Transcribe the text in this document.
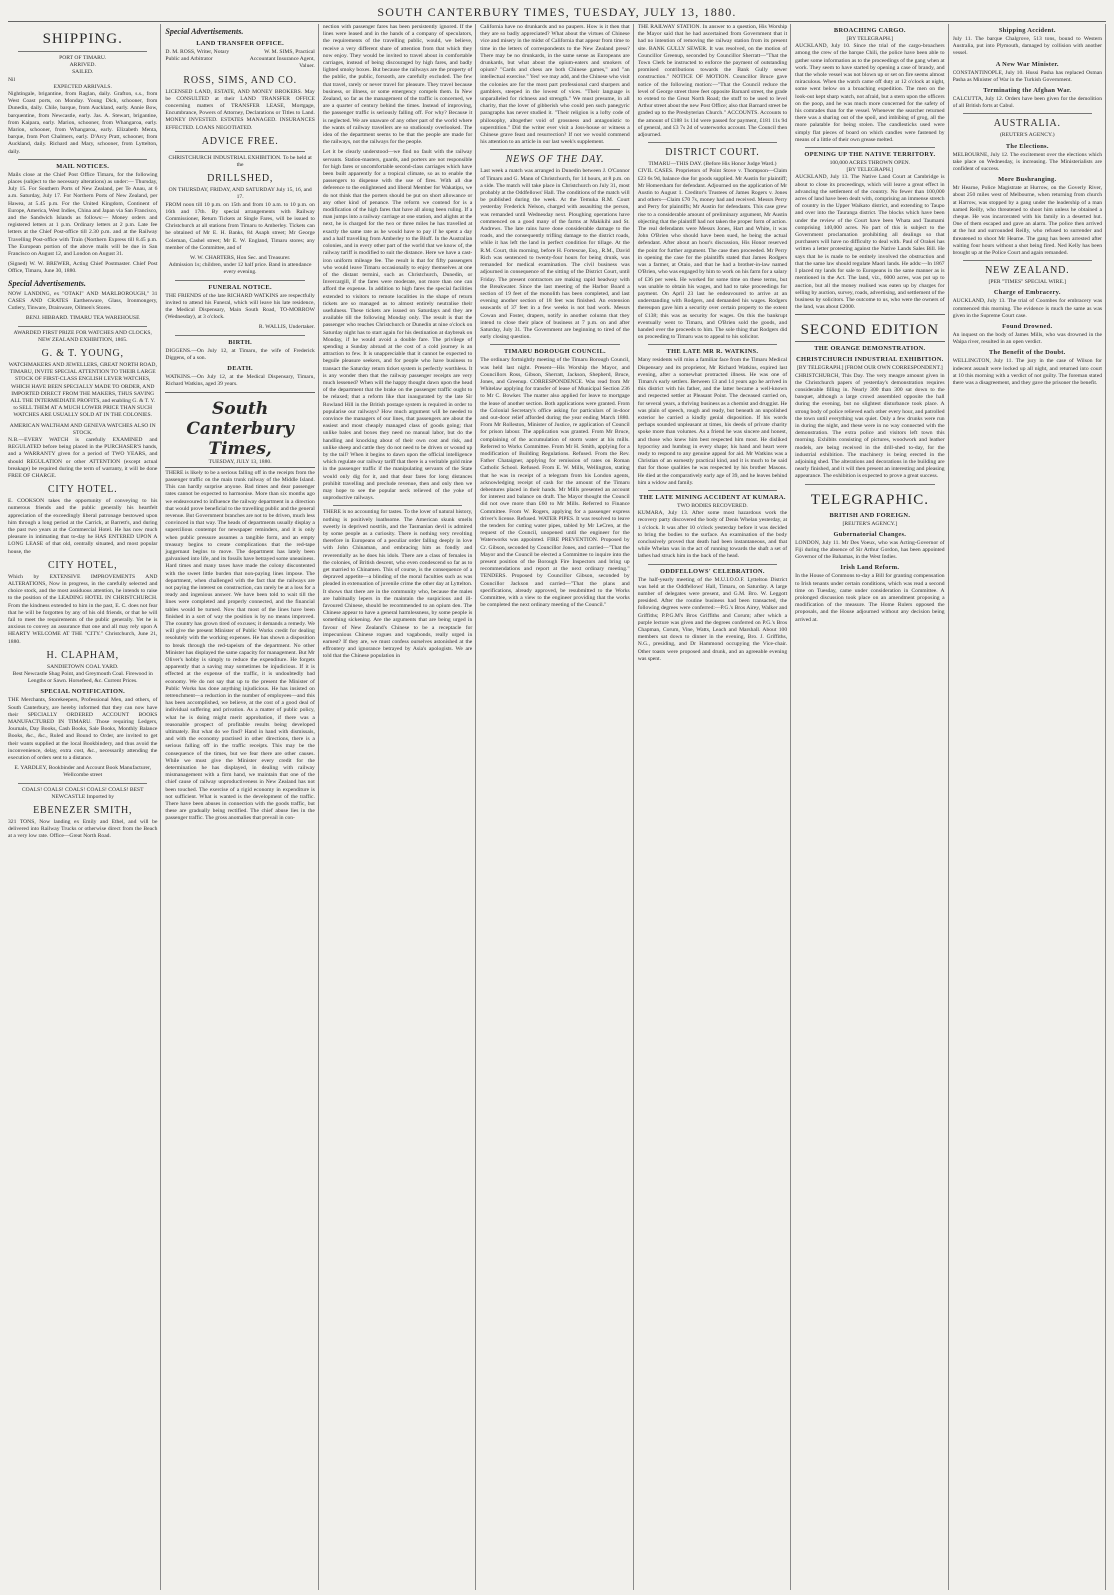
SOUTH CANTERBURY TIMES, TUESDAY, JULY 13, 1880.
SHIPPING.
PORT OF TIMARU.
ARRIVED.
SAILED.
Nil
EXPECTED ARRIVALS.

Nightingale, brigantine, from Raglan, daily. Grafton, s.s., from West Coast ports, on Monday. Young Dick, schooner, from Dunedin, daily. Chile, barque, from Auckland, early. Annie Bow, barquentine, from Newcastle, early. Jas. A. Stewart, brigantine, from Kaipara, early. Marion, schooner, from Whangaroa, early. Marion, schooner, from Whangaroa, early. Elizabeth Menta, barque, from Port Chalmers, early. D'Arcy Pratt, schooner, from Auckland, daily. Richard and Mary, schooner, from Lyttelton, daily.

MAIL NOTICES.

Mails close at the Chief Post Office Timaru, for the following places (subject to the necessary alterations) as under:— Thursday, July 15. For Southern Ports of New Zealand, per Te Anau, at 6 a.m. Saturday, July 17. For Northern Ports of New Zealand, per Hawea, at 5.45 p.m. For the United Kingdom, Continent of Europe, America, West Indies, China and Japan via San Francisco, and the Sandwich Islands as follows:— Money orders and registered letters at 1 p.m. Ordinary letters at 2 p.m. Late fee letters at the Chief Post-office till 2.30 p.m. and at the Railway Travelling Post-office with Train (Northern Express till 8.45 p.m. The European portion of the above mails will be due in San Francisco on August 12, and London on August 31.

(Signed) W. W. BREWER, Acting Chief Postmaster. Chief Post Office, Timaru, June 30, 1880.

Special Advertisements.

NOW LANDING, ex "OTAKI" AND MARLBOROUGH," 31 CASES AND CRATES Earthenware, Glass, Ironmongery, Cutlery, Tinware, Drainware, Oilmen's Stores.

BENJ. HIBBARD. TIMARU TEA WAREHOUSE
AWARDED FIRST PRIZE FOR WATCHES AND CLOCKS, NEW ZEALAND EXHIBITION, 1865.
G. & T. YOUNG,

WATCHMAKERS AND JEWELLERS, GREAT NORTH ROAD, TIMARU, INVITE SPECIAL ATTENTION TO THEIR LARGE STOCK OF FIRST-CLASS ENGLISH LEVER WATCHES, WHICH HAVE BEEN SPECIALLY MADE TO ORDER, AND IMPORTED DIRECT FROM THE MAKERS, THUS SAVING ALL THE INTERMEDIATE PROFITS, and enabling G. & T. Y. to SELL THEM AT A MUCH LOWER PRICE THAN SUCH WATCHES ARE USUALLY SOLD AT IN THE COLONIES.

AMERICAN WALTHAM AND GENEVA WATCHES ALSO IN STOCK.

N.B.—EVERY WATCH is carefully EXAMINED and REGULATED before being placed in the PURCHASER'S hands, and a WARRANTY given for a period of TWO YEARS, and should REGULATION or other ATTENTION (except actual breakage) be required during the term of warranty, it will be done FREE OF CHARGE.

CITY HOTEL.

E. COOKSON takes the opportunity of conveying to his numerous friends and the public generally his heartfelt appreciation of the exceedingly liberal patronage bestowed upon him through a long period at the Carrick, at Barrett's, and during the past two years at the Commercial Hotel. He has now much pleasure in intimating that to-day he HAS ENTERED UPON A LONG LEASE of that old, centrally situated, and most popular house, the

CITY HOTEL,

Which by EXTENSIVE IMPROVEMENTS AND ALTERATIONS, Now in progress, in the carefully selected and choice stock, and the most assiduous attention, he intends to raise to the position of the LEADING HOTEL IN CHRISTCHURCH. From the kindness extended to him in the past, E. C. does not fear that he will be forgotten by any of his old friends, or that he will fail to meet the requirements of the public generally. Yet he is anxious to convey an assurance that one and all may rely upon A HEARTY WELCOME AT THE "CITY." Christchurch, June 21, 1880.

H. CLAPHAM,
SANDIETOWN COAL YARD.

Best Newcastle Shag Point, and Greymouth Coal. Firewood in Lengths or Sawn. Horsefeed, &c. Current Prices.

SPECIAL NOTIFICATION.

THE Merchants, Storekeepers, Professional Men, and others, of South Canterbury, are hereby informed that they can now have their SPECIALLY ORDERED ACCOUNT BOOKS MANUFACTURED IN TIMARU. Those requiring Ledgers, Journals, Day Books, Cash Books, Sale Books, Monthly Balance Books, &c., &c., Ruled and Bound to Order, are invited to get their wants supplied at the local Bookbindery, and thus avoid the inconvenience, delay, extra cost, &c., necessarily attending the execution of orders sent to a distance.

E. YARDLEY, Bookbinder and Account Book Manufacturer, Wellcombe street
COALS! COALS! COALS! COALS! COALS! BEST NEWCASTLE Imported by
EBENEZER SMITH,

321 TONS, Now landing ex Emily and Ethel, and will be delivered into Railway Trucks or otherwise direct from the Beach at a very low rate. Office—Great North Road.

Special Advertisements.
LAND TRANSFER OFFICE.
D. M. ROSS, Writer, Notary Public and Arbitrator
W. M. SIMS, Practical Accountant Insurance Agent, Valuer.
ROSS, SIMS, AND CO.

LICENSED LAND, ESTATE, AND MONEY BROKERS. May be CONSULTED at their LAND TRANSFER OFFICE concerning matters of TRANSFER LEASE, Mortgage, Encumbrance, Powers of Attorney, Declarations or Titles to Land. MONEY INVESTED. ESTATES MANAGED. INSURANCES EFFECTED. LOANS NEGOTIATED.

ADVICE FREE.
CHRISTCHURCH INDUSTRIAL EXHIBITION. To be held at the
DRILLSHED,
ON THURSDAY, FRIDAY, AND SATURDAY July 15, 16, and 17.

FROM noon till 10 p.m. on 15th and from 10 a.m. to 10 p.m. on 16th and 17th. By special arrangements with Railway Commissioner, Return Tickets at Single Fares, will be issued to Christchurch at all stations from Timaru to Amberley. Tickets can be obtained of Mr E. H. Banks, 84 Asaph street; Mr George Coleman, Cashel street; Mr E. W. England, Timaru stores; any member of the Committee, and of

W. W. CHARTERS, Hon Sec. and Treasurer.

Admission 1s; children, under 12 half price. Band in attendance every evening.

FUNERAL NOTICE.

THE FRIENDS of the late RICHARD WATKINS are respectfully invited to attend his Funeral, which will leave his late residence, the Medical Dispensary, Main South Road, TO-MORROW (Wednesday), at 3 o'clock.

R. WALLIS, Undertaker.
BIRTH.

DIGGENS.—On July 12, at Timaru, the wife of Frederick Diggens, of a son.

DEATH.

WATKINS.—On July 12, at the Medical Dispensary, Timaru, Richard Watkins, aged 39 years.

South Canterbury Times,
TUESDAY, JULY 13, 1880.

THERE is likely to be a serious falling off in the receipts from the passenger traffic on the main trunk railway of the Middle Island. This can hardly surprise anyone. Bad times and dear passenger rates cannot be expected to harmonise. More than six months ago we endeavoured to influence the railway department in a direction that would prove beneficial to the travelling public and the general revenue. But Government branches are not to be driven, much less convinced in that way. The heads of departments usually display a supercilious contempt for newspaper reminders, and it is only when public pressure assumes a tangible form, and an empty treasury begins to create complications that the red-tape juggernaut begins to move. The department has lately been galvanised into life, and its fossils have betrayed some uneasiness. Hard times and many taxes have made the colony discontented with the sweet little burden that non-paying lines impose. The department, when challenged with the fact that the railways are not paying the interest on construction, can rarely be at a loss for a ready and ingenious answer. We have been told to wait till the lines were completed and properly connected, and the financial tables would be turned. Now that most of the lines have been finished in a sort of way the position is by no means improved. The country has grown tired of excuses; it demands a remedy. We will give the present Minister of Public Works credit for dealing resolutely with the working expenses. He has shown a disposition to break through the red-tapeism of the department. No other Minister has displayed the same capacity for management. But Mr Oliver's hobby is simply to reduce the expenditure. He forgets apparently that a saving may sometimes be injudicious. If it is effected at the expense of the traffic, it is undoubtedly bad economy. We do not say that up to the present the Minister of Public Works has done anything injudicious. He has insisted on retrenchment—a reduction in the number of employees—and this has been accomplished, we believe, at the cost of a good deal of individual suffering and privation. As a matter of public policy, what he is doing might merit approbation, if there was a reasonable prospect of profitable results being developed ultimately. But what do we find? Hand in hand with dismissals, and with the economy practised in other directions, there is a serious falling off in the traffic receipts. This may be the consequence of the times, but we fear there are other causes. While we must give the Minister every credit for the determination he has displayed, in dealing with railway mismanagement with a firm hand, we maintain that one of the chief cause of railway unproductiveness in New Zealand has not been touched. The exercise of a rigid economy in expenditure is not sufficient. What is wanted is the development of the traffic. There have been abuses in connection with the goods traffic, but these are gradually being rectified. The chief abuse lies in the passenger traffic. The gross anomalies that prevail in con-

nection with passenger fares has been persistently ignored. If the lines were leased and in the hands of a company of speculators, the requirements of the travelling public, would, we believe, receive a very different share of attention from that which they now enjoy. They would be invited to travel about in comfortable carriages, instead of being discouraged by high fares, and badly lighted smoky boxes. But because the railways are the property of the public, the public, forsooth, are carefully excluded. The few that travel, rarely or never travel for pleasure. They travel because business, or illness, or some emergency compels them. In New Zealand, so far as the management of the traffic is concerned, we are a quarter of century behind the times. Instead of improving, the passenger traffic is seriously falling off. For why? Because it is neglected. We are unaware of any other part of the world where the wants of railway travellers are so studiously overlooked. The idea of the department seems to be that the people are made for the railways, not the railways for the people.

Let it be clearly understood—we find no fault with the railway servants. Station-masters, guards, and porters are not responsible for high fares or uncomfortable second-class carriages which have been built apparently for a tropical climate, so as to enable the passengers to dispense with the use of fires. With all due deference to the enlightened and liberal Member for Wakatipu, we do not think that the porters should be put on short allowance or any other kind of penance. The reform we contend for is a modification of the high fares that have all along been ruling. If a man jumps into a railway carriage at one station, and alights at the next, he is charged for the two or three miles he has travelled at exactly the same rate as he would have to pay if he spent a day and a half travelling from Amberley to the Bluff. In the Australian colonies, and in every other part of the world that we know of, the railway tariff is modified to suit the distance. Here we have a cast-iron uniform mileage fee. The result is that for fifty passengers who would leave Timaru occasionally to enjoy themselves at one of the distant termini, such as Christchurch, Dunedin, or Invercargill, if the fares were moderate, not more than one can afford the expense. In addition to high fares the special facilities extended to visitors to remote localities in the shape of return tickets are so managed as to almost entirely neutralise their usefulness. These tickets are issued on Saturdays and they are available till the following Monday only. The result is that the passenger who reaches Christchurch or Dunedin at nine o'clock on Saturday night has to start again for his destination at daybreak on Monday, if he would avoid a double fare. The privilege of spending a Sunday abroad at the cost of a cold journey is an attraction to few. It is unappreciable that it cannot be expected to beguile pleasure seekers, and for people who have business to transact the Saturday return ticket system is perfectly worthless. It is any wonder then that the railway passenger receipts are very much lessened? When will the happy thought dawn upon the head of the department that the brake on the passenger traffic ought to be relaxed; that a reform like that inaugurated by the late Sir Rowland Hill in the British postage system is required in order to popularise our railways? How much argument will be needed to convince the managers of our lines, that passengers are about the easiest and most cheaply managed class of goods going; that unlike bales and boxes they need no manual labor, but do the handling and knocking about of their own cost and risk, and unlike sheep and cattle they do not need to be driven or wound up by the tail? When it begins to dawn upon the official intelligence which regulate our railway tariff that there is a veritable gold mine in the passenger traffic if the manipulating servants of the State would only dig for it, and that dear fares for long distances prohibit travelling and preclude revenue, then and only then we may hope to see the popular neck relieved of the yoke of unproductive railways.

THERE is no accounting for tastes. To the lover of natural history, nothing is positively loathsome. The American skunk smells sweetly in deprived nostrils, and the Tasmanian devil is admired by some people as a curiosity. There is nothing very revolting therefore in Europeans of a peculiar order falling deeply in love with John Chinaman, and embracing him as fondly and reverentially as he does his idols. There are a class of females in the colonies, of British descent, who even condescend so far as to get married to Chinamen. This of course, is the consequence of a depraved appetite—a blinding of the moral faculties such as was pleaded in extenuation of juvenile crime the other day at Lyttelton. It shows that there are in the community who, because the males are habitually lepers in the maintain the suspicious and ill-favoured Chinese, should be recommended to an opium den. The Chinese appear to have a general harmlessness, by some people is something sickening. Are the arguments that are being urged in favour of New Zealand's Chinese to be a receptacle for impecunious Chinese rogues and vagabonds, really urged in earnest? If they are, we must confess ourselves astonished at the effrontery and ignorance betrayed by Asia's apologists. We are told that the Chinese population in

California have no drunkards and no paupers. How is it then that they are so badly appreciated? What about the virtues of Chinese vice and misery in the midst of California that appear from time to time in the letters of correspondents to the New Zealand press? There may be no drunkards, in the same sense as Europeans are drunkards, but what about the opium-eaters and smokers of opium? "Cards and chess are both Chinese games," and "an intellectual exercise." Yes! we may add, and the Chinese who visit the colonies are for the most part professional card sharpers and gamblers, steeped in the lowest of vices. "Their language is unparalleled for richness and strength." We must presume, in all charity, that the lover of gibberish who could pen such panegyric paragraphs has never studied it. "Their religion is a lofty code of philosophy, altogether void of grossness and antagonistic to superstition." Did the writer ever visit a Joss-house or witness a Chinese grave feast and resurrection? If not we would commend his attention to an article in our last week's supplement.

NEWS OF THE DAY.

Last week a match was arranged in Dunedin between J. O'Connor of Timaru and G. Mann of Christchurch, for 14 hours, at 8 p.m. on a side. The match will take place in Christchurch on July 31, most probably at the Oddfellows' Hall. The conditions of the match will be published during the week. At the Temuka R.M. Court yesterday Frederick Nelson, charged with assaulting the person, was remanded until Wednesday next. Ploughing operations have commenced on a good many of the farms at Makikihi and St. Andrews. The late rains have done considerable damage to the roads, and the consequently trifling damage to the district roads, while it has left the land in perfect condition for tillage. At the R.M. Court, this morning, before H. Fortescue, Esq., R.M., David Rich was sentenced to twenty-four hours for being drunk, was remanded for medical examination. The civil business was adjourned in consequence of the sitting of the District Court, until Friday. The present contractors are making rapid headway with the Breakwater. Since the last meeting of the Harbor Board a section of 19 feet of the monolith has been completed, and last evening another section of 18 feet was finished. An extension seawards of 37 feet in a few weeks is not bad work. Messrs Cowan and Foster, drapers, notify in another column that they intend to close their place of business at 7 p.m. on and after Saturday, July 31. The Government are beginning to tired of the early closing question.

TIMARU BOROUGH COUNCIL.

The ordinary fortnightly meeting of the Timaru Borough Council, was held last night. Present—His Worship the Mayor, and Councillors Ross, Gibson, Sherratt, Jackson, Shepherd, Bruce, Jones, and Greenup. CORRESPONDENCE. Was read from Mr Whitelaw applying for transfer of lease of Municipal Section 236 to Mr C. Bowker. The matter also applied for leave to mortgage the lease of another section. Both applications were granted. From the Colonial Secretary's office asking for particulars of in-door and out-door relief afforded during the year ending March 1880. From Mr Rolleston, Minister of Justice, re application of Council for prison labour. The application was granted. From Mr Bruce, complaining of the accumulation of storm water at his mills. Referred to Works Committee. From Mr H. Smith, applying for a modification of Building Regulations. Refused. From the Rev. Father Chataigner, applying for remission of rates on Roman Catholic School. Refused. From E. W. Mills, Wellington, stating that he was in receipt of a telegram from his London agents, acknowledging receipt of cash for the amount of the Timaru debentures placed in their hands. Mr Mills presented an account for interest and balance on draft. The Mayor thought the Council did not owe more than £60 to Mr Mills. Referred to Finance Committee. From W. Rogers, applying for a passenger express driver's license. Refused. WATER PIPES. It was resolved to leave the tenders for cutting water pipes, tabled by Mr LeCren, at the request of the Council, unopened until the engineer for the Waterworks was appointed. FIRE PREVENTION. Proposed by Cr. Gibson, seconded by Councillor Jones, and carried—"That the Mayor and the Council be elected a Committee to inquire into the present position of the Borough Fire Inspectors and bring up recommendations and report at the next ordinary meeting." TENDERS. Proposed by Councillor Gibson, seconded by Councillor Jackson and carried—"That the plans and specifications, already approved, be resubmitted to the Works Committee, with a view to the engineer providing that the works be completed the next ordinary meeting of the Council."

THE RAILWAY STATION. In answer to a question, His Worship the Mayor said that he had ascertained from Government that it had no intention of removing the railway station from its present site. BANK GULLY SEWER. It was resolved, on the motion of Councillor Greenup, seconded by Councillor Sherratt—"That the Town Clerk be instructed to enforce the payment of outstanding promised contributions towards the Bank Gully sewer construction." NOTICE OF MOTION. Councillor Bruce gave notice of the following motion:—"That the Council reduce the level of George street three feet opposite Barnard street, the grade to extend to the Great North Road; the stuff to be used to level Arthur street about the new Post Office; also that Barnard street be graded up to the Presbyterian Church." ACCOUNTS. Accounts to the amount of £188 1s 11d were passed for payment, £181 11s 9d of general, and £3 7s 2d of waterworks account. The Council then adjourned.

DISTRICT COURT.
TIMARU—THIS DAY. (Before His Honor Judge Ward.)

CIVIL CASES. Proprietors of Point Stove v. Thompson—Claim £23 6s 9d, balance due for goods supplied. Mr Austin for plaintiff; Mr Homersham for defendant. Adjourned on the application of Mr Austin to August 1. Creditor's Trustees of James Rogers v. Jones and others—Claim £70 7s, money had and received. Messrs Perry and Perry for plaintiffs; Mr Austin for defendants. This case grew rise to a considerable amount of preliminary argument, Mr Austin objecting that the plaintiff had not taken the proper form of action. The real defendants were Messrs Jones, Hart and White, it was John O'Brien who should have been sued, he being the actual defendant. After about an hour's discussion, His Honor reserved the point for further argument. The case then proceeded. Mr Perry in opening the case for the plaintiffs stated that James Rodgers was a farmer, at Otaio, and that he had a brother-in-law named O'Brien, who was engaged by him to work on his farm for a salary of £36 per week. He worked for some time on these terms, but was unable to obtain his wages, and had to take proceedings for payment. On April 23 last he endeavoured to arrive at an understanding with Rodgers, and demanded his wages. Rodgers thereupon gave him a security over certain property to the extent of £138; this was as security for wages. On this the bankrupt eventually went to Timaru, and O'Brien sold the goods, and handed over the proceeds to him. The sole thing that Rodgers did on proceeding to Timaru was to appeal to his solicitor.

THE LATE MR R. WATKINS.

Many residents will miss a familiar face from the Timaru Medical Dispensary and its proprietor, Mr Richard Watkins, expired last evening, after a somewhat protracted illness. He was one of Timaru's early settlers. Between 13 and 14 years ago he arrived in this district with his father, and the latter became a well-known and respected settler at Pleasant Point. The deceased carried on, for several years, a thriving business as a chemist and druggist. He was plain of speech, rough and ready, but beneath an unpolished exterior he carried a kindly genial disposition. If his words perhaps sounded unpleasant at times, his deeds of private charity spoke more than volumes. As a friend he was sincere and honest, and those who knew him best respected him most. He disliked hypocrisy and humbug in every shape; his hand and heart were ready to respond to any genuine appeal for aid. Mr Watkins was a Christian of an earnestly practical kind, and it is much to be said that for those qualities he was respected by his brother Masons. He died at the comparatively early age of 39, and he leaves behind him a widow and family.

THE LATE MINING ACCIDENT AT KUMARA.
TWO BODIES RECOVERED.

KUMARA, July 13. After some most hazardous work the recovery party discovered the body of Denis Whelan yesterday, at 1 o'clock. It was after 10 o'clock yesterday before it was decided to bring the bodies to the surface. An examination of the body conclusively proved that death had been instantaneous, and that while Whelan was in the act of running towards the shaft a set of lathes had struck him in the back of the head.

ODDFELLOWS' CELEBRATION.

The half-yearly meeting of the M.U.I.O.O.F. Lyttelton District was held at the Oddfellows' Hall, Timaru, on Saturday. A large number of delegates were present, and G.M. Bro. W. Leggott presided. After the routine business had been transacted, the following degrees were conferred:—P.G.'s Bros Airey, Walker and Griffiths; P.P.G.M's Bros Griffiths and Corum; after which a purple lecture was given and the degrees conferred on P.G.'s Bros Chapman, Corum, Vine, Watts, Leach and Marshall. About 100 members sat down to dinner in the evening, Bro. J. Griffiths, N.G., presiding, and Dr Hammond occupying the Vice-chair. Other toasts were proposed and drunk, and an agreeable evening was spent.

BROACHING CARGO.
[BY TELEGRAPH.]

AUCKLAND, July 10. Since the trial of the cargo-broachers among the crew of the barque Chili, the police have been able to gather some information as to the proceedings of the gang when at work. They seem to have started by opening a case of brandy, and that the whole vessel was not blown up or set on fire seems almost miraculous. When the watch came off duty at 12 o'clock at night, some went below on a broaching expedition. The men on the look-out kept sharp watch, not afraid, but a stern upon the officers on the poop, and he was much more concerned for the safety of his comrades than for the vessel. Whenever the searcher returned there was a sharing out of the spoil, and imbibing of grog, all the more palatable for being stolen. The candlesticks used were simply flat pieces of board on which candles were fastened by means of a little of their own grease melted.

OPENING UP THE NATIVE TERRITORY.
100,000 ACRES THROWN OPEN.
[BY TELEGRAPH.]

AUCKLAND, July 13. The Native Land Court at Cambridge is about to close its proceedings, which will leave a great effect in advancing the settlement of the country. No fewer than 100,000 acres of land have been dealt with, comprising an immense stretch of country in the Upper Waikato district, and extending to Taupo and over into the Tauranga district. The blocks which have been under the review of the Court have been Whata and Taumami comprising 140,000 acres. No part of this is subject to the Government proclamation prohibiting all dealings so that purchasers will have no difficulty to deal with. Paul of Orakei has written a letter protesting against the Native Lands Sales Bill. He says that he is made to be entitely involved the obstruction and that the same law should regulate Maori lands. He adds:—In 1867 I placed my lands for sale to Europeans in the same manner as is mentioned in the Act. The land, viz., 6000 acres, was put up to auction, but all the money realised was eaten up by charges for selling by auction, survey, roads, advertising, and settlement of the business by solicitors. The outcome to us, who were the owners of the land, was about £2000.

SECOND EDITION
THE ORANGE DEMONSTRATION.
CHRISTCHURCH INDUSTRIAL EXHIBITION.
[BY TELEGRAPH.] [FROM OUR OWN CORRESPONDENT.]

CHRISTCHURCH, This Day. The very meagre amount given in the Christchurch papers of yesterday's demonstration requires considerable filling in. Nearly 300 than 300 sat down to the banquet, although a large crowd assembled opposite the hall during the evening, but no slightest disturbance took place. A strong body of police relieved each other every hour, and patrolled the town until everything was quiet. Only a few drunks were run in during the night, and these were in no way connected with the demonstration. The extra police and visitors left town this morning. Exhibits consisting of pictures, woodwork and leather models, are being received in the drill-shed to-day, for the industrial exhibition. The machinery is being erected in the adjoining shed. The alterations and decorations in the building are nearly finished, and it will then present an interesting and pleasing appearance. The exhibition is expected to prove a great success.

TELEGRAPHIC.
BRITISH AND FOREIGN.
[REUTER'S AGENCY.]
Gubernatorial Changes.

LONDON, July 11. Mr Des Voeux, who was Acting-Governor of Fiji during the absence of Sir Arthur Gordon, has been appointed Governor of the Bahamas, in the West Indies.

Irish Land Reform.

In the House of Commons to-day a Bill for granting compensation to Irish tenants under certain conditions, which was read a second time on Tuesday, came under consideration in Committee. A prolonged discussion took place on an amendment proposing a modification of the measure. The Home Rulers opposed the proposals, and the House adjourned without any decision being arrived at.

Shipping Accident.

July 11. The barque Chalgrove, 513 tons, bound to Western Australia, put into Plymouth, damaged by collision with another vessel.

A New War Minister.

CONSTANTINOPLE, July 10. Hussi Pasha has replaced Osman Pasha as Minister of War in the Turkish Government.

Terminating the Afghan War.

CALCUTTA, July 12. Orders have been given for the demolition of all British forts at Cabul.

AUSTRALIA.
(REUTER'S AGENCY.)
The Elections.

MELBOURNE, July 12. The excitement over the elections which take place on Wednesday, is increasing. The Ministerialists are confident of success.

More Bushranging.

Mr Hearne, Police Magistrate at Hurrow, on the Goverly River, about 250 miles west of Melbourne, when returning from church at Harrow, was stopped by a gang under the leadership of a man named Reilly, who threatened to shoot him unless he obtained a cheque. He was incarcerated with his family in a deserted hut. One of them escaped and gave an alarm. The police then arrived at the hut and surrounded Reilly, who refused to surrender and threatened to shoot Mr Hearne. The gang has been arrested after waiting four hours without a shot being fired. Ned Kelly has been brought up at the Police Court and again remanded.

NEW ZEALAND.
[PER "TIMES" SPECIAL WIRE.]
Charge of Embracery.

AUCKLAND, July 13. The trial of Coombes for embracery was commenced this morning. The evidence is much the same as was given in the Supreme Court case.

Found Drowned.

An inquest on the body of James Mills, who was drowned in the Waipa river, resulted in an open verdict.

The Benefit of the Doubt.

WELLINGTON, July 11. The jury in the case of Wilson for indecent assault were locked up all night, and returned into court at 10 this morning with a verdict of not guilty. The foreman stated there was a disagreement, and they gave the prisoner the benefit.
